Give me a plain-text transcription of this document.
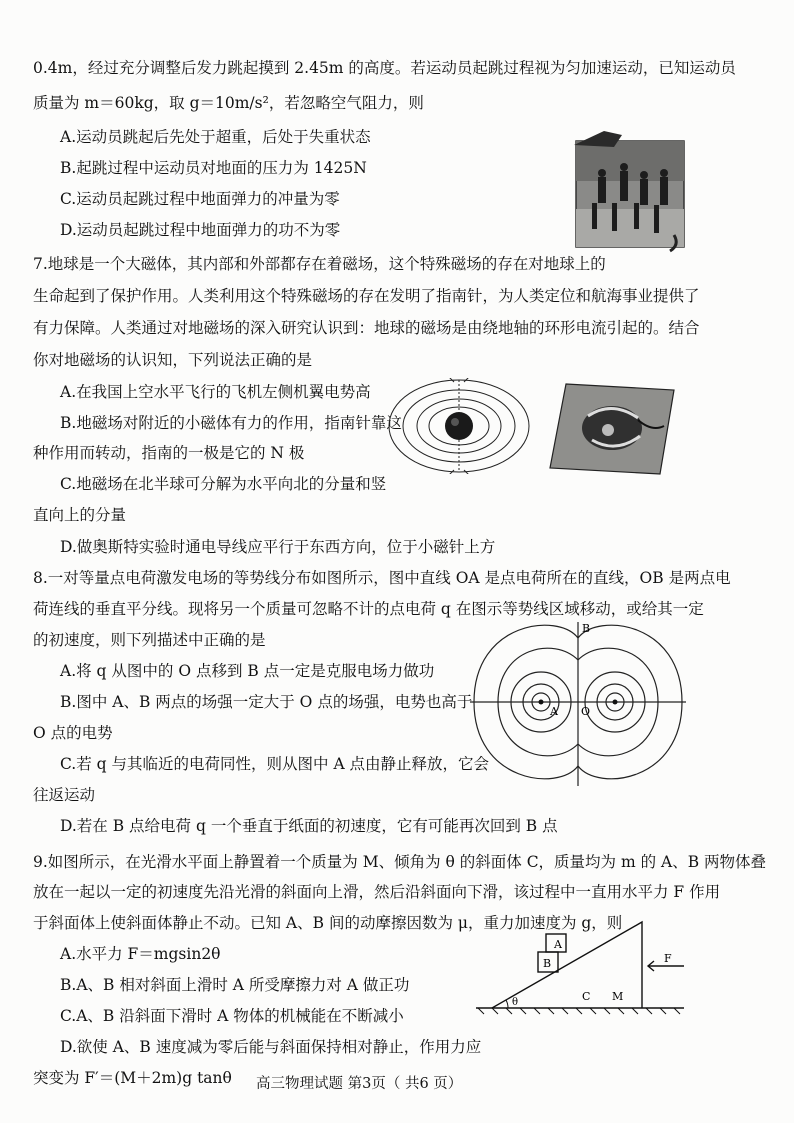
0.4m，经过充分调整后发力跳起摸到 2.45m 的高度。若运动员起跳过程视为匀加速运动，已知运动员
质量为 m＝60kg，取 g＝10m/s²，若忽略空气阻力，则
A.运动员跳起后先处于超重，后处于失重状态
B.起跳过程中运动员对地面的压力为 1425N
C.运动员起跳过程中地面弹力的冲量为零
D.运动员起跳过程中地面弹力的功不为零
7.地球是一个大磁体，其内部和外部都存在着磁场，这个特殊磁场的存在对地球上的
生命起到了保护作用。人类利用这个特殊磁场的存在发明了指南针，为人类定位和航海事业提供了
有力保障。人类通过对地磁场的深入研究认识到：地球的磁场是由绕地轴的环形电流引起的。结合
你对地磁场的认识知，下列说法正确的是
A.在我国上空水平飞行的飞机左侧机翼电势高
B.地磁场对附近的小磁体有力的作用，指南针靠这
种作用而转动，指南的一极是它的 N 极
C.地磁场在北半球可分解为水平向北的分量和竖
直向上的分量
D.做奥斯特实验时通电导线应平行于东西方向，位于小磁针上方
8.一对等量点电荷激发电场的等势线分布如图所示，图中直线 OA 是点电荷所在的直线，OB 是两点电
荷连线的垂直平分线。现将另一个质量可忽略不计的点电荷 q 在图示等势线区域移动，或给其一定
的初速度，则下列描述中正确的是
A.将 q 从图中的 O 点移到 B 点一定是克服电场力做功
B.图中 A、B 两点的场强一定大于 O 点的场强，电势也高于
O 点的电势
C.若 q 与其临近的电荷同性，则从图中 A 点由静止释放，它会
往返运动
D.若在 B 点给电荷 q 一个垂直于纸面的初速度，它有可能再次回到 B 点
B
A O
9.如图所示，在光滑水平面上静置着一个质量为 M、倾角为 θ 的斜面体 C，质量均为 m 的 A、B 两物体叠
放在一起以一定的初速度先沿光滑的斜面向上滑，然后沿斜面向下滑，该过程中一直用水平力 F 作用
于斜面体上使斜面体静止不动。已知 A、B 间的动摩擦因数为 μ，重力加速度为 g，则
A.水平力 F＝mgsin2θ
B.A、B 相对斜面上滑时 A 所受摩擦力对 A 做正功
C.A、B 沿斜面下滑时 A 物体的机械能在不断减小
D.欲使 A、B 速度减为零后能与斜面保持相对静止，作用力应
突变为 F′＝(M＋2m)g tanθ
A
B
C M
F
θ
高三物理试题 第3页（ 共6 页）
